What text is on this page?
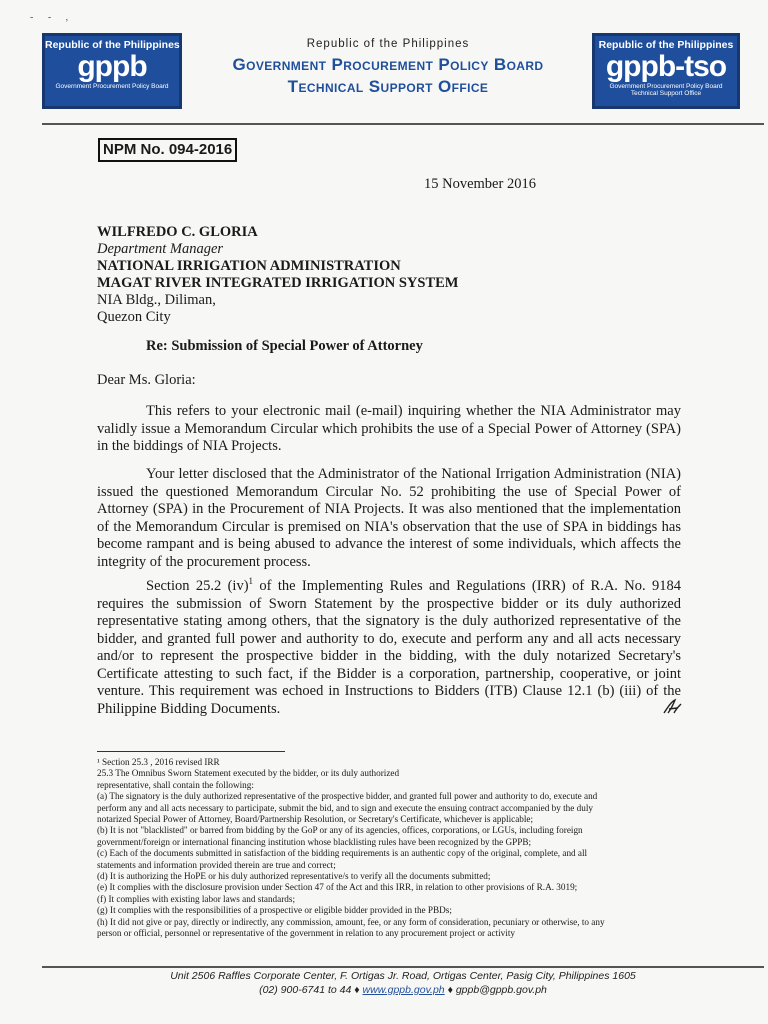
- - ,
Republic of the Philippines
gppb
Government Procurement Policy Board
Republic of the Philippines
Government Procurement Policy Board
Technical Support Office
Republic of the Philippines
gppb-tso
Government Procurement Policy Board
Technical Support Office
NPM No. 094-2016
15 November 2016
WILFREDO C. GLORIA
Department Manager
NATIONAL IRRIGATION ADMINISTRATION
MAGAT RIVER INTEGRATED IRRIGATION SYSTEM
NIA Bldg., Diliman,
Quezon City
Re: Submission of Special Power of Attorney
Dear Ms. Gloria:

This refers to your electronic mail (e-mail) inquiring whether the NIA Administrator may validly issue a Memorandum Circular which prohibits the use of a Special Power of Attorney (SPA) in the biddings of NIA Projects.

Your letter disclosed that the Administrator of the National Irrigation Administration (NIA) issued the questioned Memorandum Circular No. 52 prohibiting the use of Special Power of Attorney (SPA) in the Procurement of NIA Projects. It was also mentioned that the implementation of the Memorandum Circular is premised on NIA's observation that the use of SPA in biddings has become rampant and is being abused to advance the interest of some individuals, which affects the integrity of the procurement process.

Section 25.2 (iv)$^1$ of the Implementing Rules and Regulations (IRR) of R.A. No. 9184 requires the submission of Sworn Statement by the prospective bidder or its duly authorized representative stating among others, that the signatory is the duly authorized representative of the bidder, and granted full power and authority to do, execute and perform any and all acts necessary and/or to represent the prospective bidder in the bidding, with the duly notarized Secretary's Certificate attesting to such fact, if the Bidder is a corporation, partnership, cooperative, or joint venture. This requirement was echoed in Instructions to Bidders (ITB) Clause 12.1 (b) (iii) of the Philippine Bidding Documents.

¹ Section 25.3 , 2016 revised IRR
25.3 The Omnibus Sworn Statement executed by the bidder, or its duly authorized
representative, shall contain the following:
(a) The signatory is the duly authorized representative of the prospective bidder, and granted full power and authority to do, execute and
perform any and all acts necessary to participate, submit the bid, and to sign and execute the ensuing contract accompanied by the duly
notarized Special Power of Attorney, Board/Partnership Resolution, or Secretary's Certificate, whichever is applicable;
(b) It is not "blacklisted" or barred from bidding by the GoP or any of its agencies, offices, corporations, or LGUs, including foreign
government/foreign or international financing institution whose blacklisting rules have been recognized by the GPPB;
(c) Each of the documents submitted in satisfaction of the bidding requirements is an authentic copy of the original, complete, and all
statements and information provided therein are true and correct;
(d) It is authorizing the HoPE or his duly authorized representative/s to verify all the documents submitted;
(e) It complies with the disclosure provision under Section 47 of the Act and this IRR, in relation to other provisions of R.A. 3019;
(f) It complies with existing labor laws and standards;
(g) It complies with the responsibilities of a prospective or eligible bidder provided in the PBDs;
(h) It did not give or pay, directly or indirectly, any commission, amount, fee, or any form of consideration, pecuniary or otherwise, to any
person or official, personnel or representative of the government in relation to any procurement project or activity
Unit 2506 Raffles Corporate Center, F. Ortigas Jr. Road, Ortigas Center, Pasig City, Philippines 1605
(02) 900-6741 to 44 ♦ www.gppb.gov.ph ♦ gppb@gppb.gov.ph
